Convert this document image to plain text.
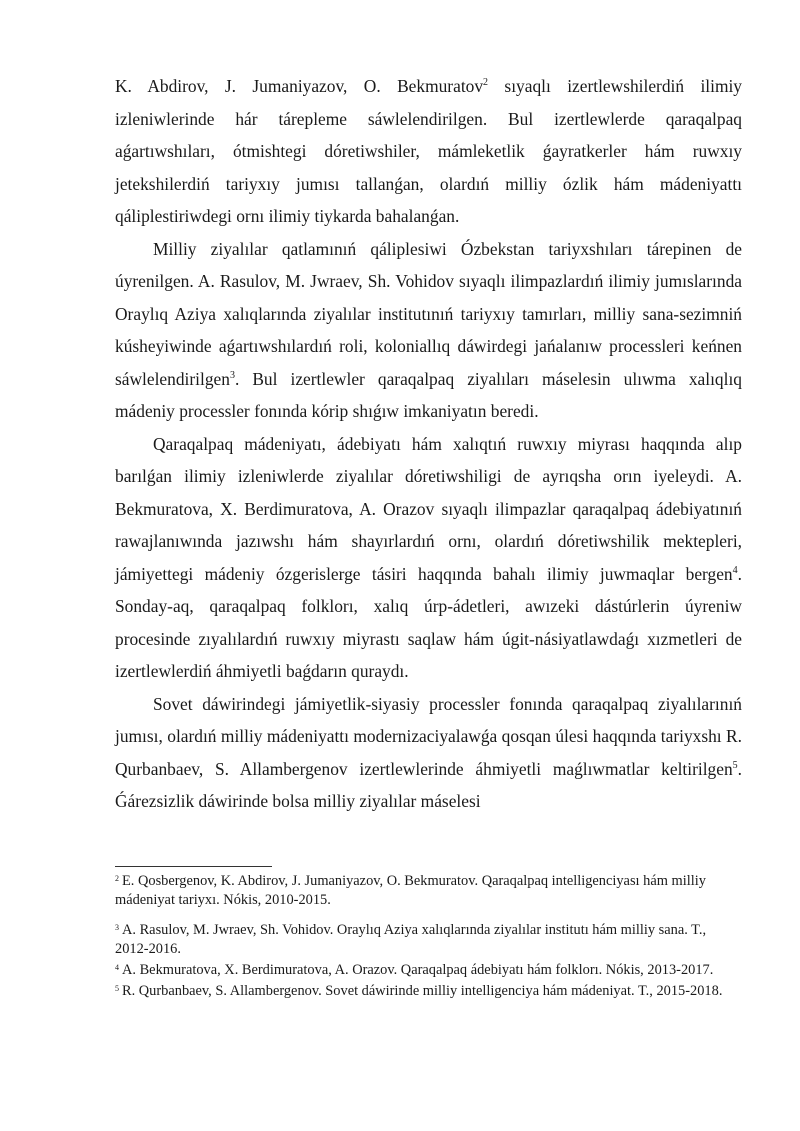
K. Abdirov, J. Jumaniyazov, O. Bekmuratov$^2$ sıyaqlı izertlewshilerdiń ilimiy izleniwlerinde hár tárepleme sáwlelendirilgen. Bul izertlewlerde qaraqalpaq aǵartıwshıları, ótmishtegi dóretiwshiler, mámleketlik ǵayratkerler hám ruwxıy jetekshilerdiń tariyxıy jumısı tallanǵan, olardıń milliy ózlik hám mádeniyattı qáliplestiriwdegi ornı ilimiy tiykarda bahalanǵan.

Milliy ziyalılar qatlamınıń qáliplesiwi Ózbekstan tariyxshıları tárepinen de úyrenilgen. A. Rasulov, M. Jwraev, Sh. Vohidov sıyaqlı ilimpazlardıń ilimiy jumıslarında Oraylıq Aziya xalıqlarında ziyalılar institutınıń tariyxıy tamırları, milliy sana-sezimniń kúsheyiwinde aǵartıwshılardıń roli, koloniallıq dáwirdegi jańalanıw processleri keńnen sáwlelendirilgen$^3$. Bul izertlewler qaraqalpaq ziyalıları máselesin ulıwma xalıqlıq mádeniy processler fonında kórip shıǵıw imkaniyatın beredi.

Qaraqalpaq mádeniyatı, ádebiyatı hám xalıqtıń ruwxıy miyrası haqqında alıp barılǵan ilimiy izleniwlerde ziyalılar dóretiwshiligi de ayrıqsha orın iyeleydi. A. Bekmuratova, X. Berdimuratova, A. Orazov sıyaqlı ilimpazlar qaraqalpaq ádebiyatınıń rawajlanıwında jazıwshı hám shayırlardıń ornı, olardıń dóretiwshilik mektepleri, jámiyettegi mádeniy ózgerislerge tásiri haqqında bahalı ilimiy juwmaqlar bergen$^4$. Sonday-aq, qaraqalpaq folklorı, xalıq úrp-ádetleri, awızeki dástúrlerin úyreniw procesinde zıyalılardıń ruwxıy miyrastı saqlaw hám úgit-násiyatlawdaǵı xızmetleri de izertlewlerdiń áhmiyetli baǵdarın quraydı.

Sovet dáwirindegi jámiyetlik-siyasiy processler fonında qaraqalpaq ziyalılarınıń jumısı, olardıń milliy mádeniyattı modernizaciyalawǵa qosqan úlesi haqqında tariyxshı R. Qurbanbaev, S. Allambergenov izertlewlerinde áhmiyetli maǵlıwmatlar keltirilgen$^5$. Ǵárezsizlik dáwirinde bolsa milliy ziyalılar máselesi

$^2$ E. Qosbergenov, K. Abdirov, J. Jumaniyazov, O. Bekmuratov. Qaraqalpaq intelligenciyası hám milliy mádeniyat tariyxı. Nókis, 2010-2015.

$^3$ A. Rasulov, M. Jwraev, Sh. Vohidov. Oraylıq Aziya xalıqlarında ziyalılar institutı hám milliy sana. T., 2012-2016.

$^4$ A. Bekmuratova, X. Berdimuratova, A. Orazov. Qaraqalpaq ádebiyatı hám folklorı. Nókis, 2013-2017.

$^5$ R. Qurbanbaev, S. Allambergenov. Sovet dáwirinde milliy intelligenciya hám mádeniyat. T., 2015-2018.
